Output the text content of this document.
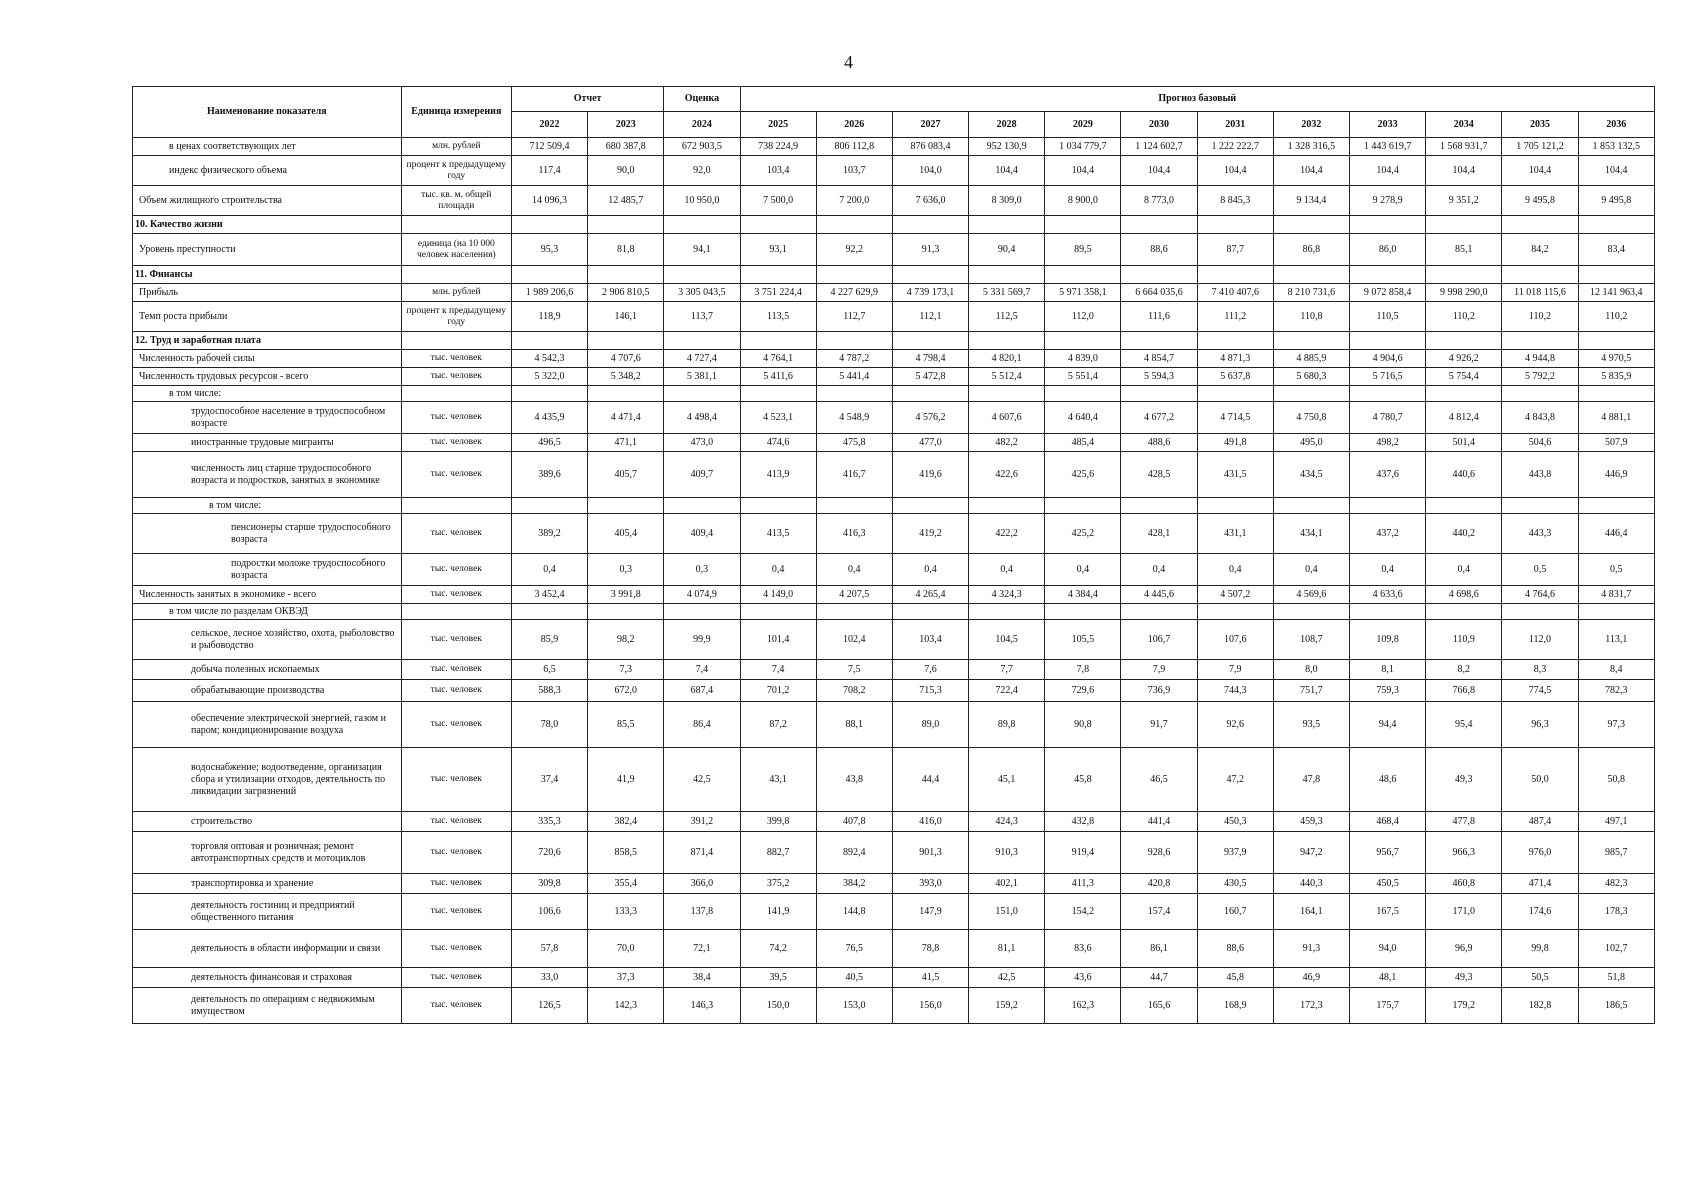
4
Наименование показателя	Единица измерения	Отчет		Оценка	Прогноз базовый											
		2022	2023	2024	2025	2026	2027	2028	2029	2030	2031	2032	2033	2034	2035	2036
в ценах соответствующих лет	млн. рублей	712 509,4	680 387,8	672 903,5	738 224,9	806 112,8	876 083,4	952 130,9	1 034 779,7	1 124 602,7	1 222 222,7	1 328 316,5	1 443 619,7	1 568 931,7	1 705 121,2	1 853 132,5
индекс физического объема	процент к предыдущему году	117,4	90,0	92,0	103,4	103,7	104,0	104,4	104,4	104,4	104,4	104,4	104,4	104,4	104,4	104,4
Объем жилищного строительства	тыс. кв. м. общей площади	14 096,3	12 485,7	10 950,0	7 500,0	7 200,0	7 636,0	8 309,0	8 900,0	8 773,0	8 845,3	9 134,4	9 278,9	9 351,2	9 495,8	9 495,8
10. Качество жизни																
Уровень преступности	единица (на 10 000 человек населения)	95,3	81,8	94,1	93,1	92,2	91,3	90,4	89,5	88,6	87,7	86,8	86,0	85,1	84,2	83,4
11. Финансы																
Прибыль	млн. рублей	1 989 206,6	2 906 810,5	3 305 043,5	3 751 224,4	4 227 629,9	4 739 173,1	5 331 569,7	5 971 358,1	6 664 035,6	7 410 407,6	8 210 731,6	9 072 858,4	9 998 290,0	11 018 115,6	12 141 963,4
Темп роста прибыли	процент к предыдущему году	118,9	146,1	113,7	113,5	112,7	112,1	112,5	112,0	111,6	111,2	110,8	110,5	110,2	110,2	110,2
12. Труд и заработная плата																
Численность рабочей силы	тыс. человек	4 542,3	4 707,6	4 727,4	4 764,1	4 787,2	4 798,4	4 820,1	4 839,0	4 854,7	4 871,3	4 885,9	4 904,6	4 926,2	4 944,8	4 970,5
Численность трудовых ресурсов - всего	тыс. человек	5 322,0	5 348,2	5 381,1	5 411,6	5 441,4	5 472,8	5 512,4	5 551,4	5 594,3	5 637,8	5 680,3	5 716,5	5 754,4	5 792,2	5 835,9
в том числе:																
трудоспособное население в трудоспособном возрасте	тыс. человек	4 435,9	4 471,4	4 498,4	4 523,1	4 548,9	4 576,2	4 607,6	4 640,4	4 677,2	4 714,5	4 750,8	4 780,7	4 812,4	4 843,8	4 881,1
иностранные трудовые мигранты	тыс. человек	496,5	471,1	473,0	474,6	475,8	477,0	482,2	485,4	488,6	491,8	495,0	498,2	501,4	504,6	507,9
численность лиц старше трудоспособного возраста и подростков, занятых в экономике	тыс. человек	389,6	405,7	409,7	413,9	416,7	419,6	422,6	425,6	428,5	431,5	434,5	437,6	440,6	443,8	446,9
в том числе:																
пенсионеры старше трудоспособного возраста	тыс. человек	389,2	405,4	409,4	413,5	416,3	419,2	422,2	425,2	428,1	431,1	434,1	437,2	440,2	443,3	446,4
подростки моложе трудоспособного возраста	тыс. человек	0,4	0,3	0,3	0,4	0,4	0,4	0,4	0,4	0,4	0,4	0,4	0,4	0,4	0,5	0,5
Численность занятых в экономике - всего	тыс. человек	3 452,4	3 991,8	4 074,9	4 149,0	4 207,5	4 265,4	4 324,3	4 384,4	4 445,6	4 507,2	4 569,6	4 633,6	4 698,6	4 764,6	4 831,7
в том числе по разделам ОКВЭД																
сельское, лесное хозяйство, охота, рыболовство и рыбоводство	тыс. человек	85,9	98,2	99,9	101,4	102,4	103,4	104,5	105,5	106,7	107,6	108,7	109,8	110,9	112,0	113,1
добыча полезных ископаемых	тыс. человек	6,5	7,3	7,4	7,4	7,5	7,6	7,7	7,8	7,9	7,9	8,0	8,1	8,2	8,3	8,4
обрабатывающие производства	тыс. человек	588,3	672,0	687,4	701,2	708,2	715,3	722,4	729,6	736,9	744,3	751,7	759,3	766,8	774,5	782,3
обеспечение электрической энергией, газом и паром; кондиционирование воздуха	тыс. человек	78,0	85,5	86,4	87,2	88,1	89,0	89,8	90,8	91,7	92,6	93,5	94,4	95,4	96,3	97,3
водоснабжение; водоотведение, организация сбора и утилизации отходов, деятельность по ликвидации загрязнений	тыс. человек	37,4	41,9	42,5	43,1	43,8	44,4	45,1	45,8	46,5	47,2	47,8	48,6	49,3	50,0	50,8
строительство	тыс. человек	335,3	382,4	391,2	399,8	407,8	416,0	424,3	432,8	441,4	450,3	459,3	468,4	477,8	487,4	497,1
торговля оптовая и розничная; ремонт автотранспортных средств и мотоциклов	тыс. человек	720,6	858,5	871,4	882,7	892,4	901,3	910,3	919,4	928,6	937,9	947,2	956,7	966,3	976,0	985,7
транспортировка и хранение	тыс. человек	309,8	355,4	366,0	375,2	384,2	393,0	402,1	411,3	420,8	430,5	440,3	450,5	460,8	471,4	482,3
деятельность гостиниц и предприятий общественного питания	тыс. человек	106,6	133,3	137,8	141,9	144,8	147,9	151,0	154,2	157,4	160,7	164,1	167,5	171,0	174,6	178,3
деятельность в области информации и связи	тыс. человек	57,8	70,0	72,1	74,2	76,5	78,8	81,1	83,6	86,1	88,6	91,3	94,0	96,9	99,8	102,7
деятельность финансовая и страховая	тыс. человек	33,0	37,3	38,4	39,5	40,5	41,5	42,5	43,6	44,7	45,8	46,9	48,1	49,3	50,5	51,8
деятельность по операциям с недвижимым имуществом	тыс. человек	126,5	142,3	146,3	150,0	153,0	156,0	159,2	162,3	165,6	168,9	172,3	175,7	179,2	182,8	186,5
